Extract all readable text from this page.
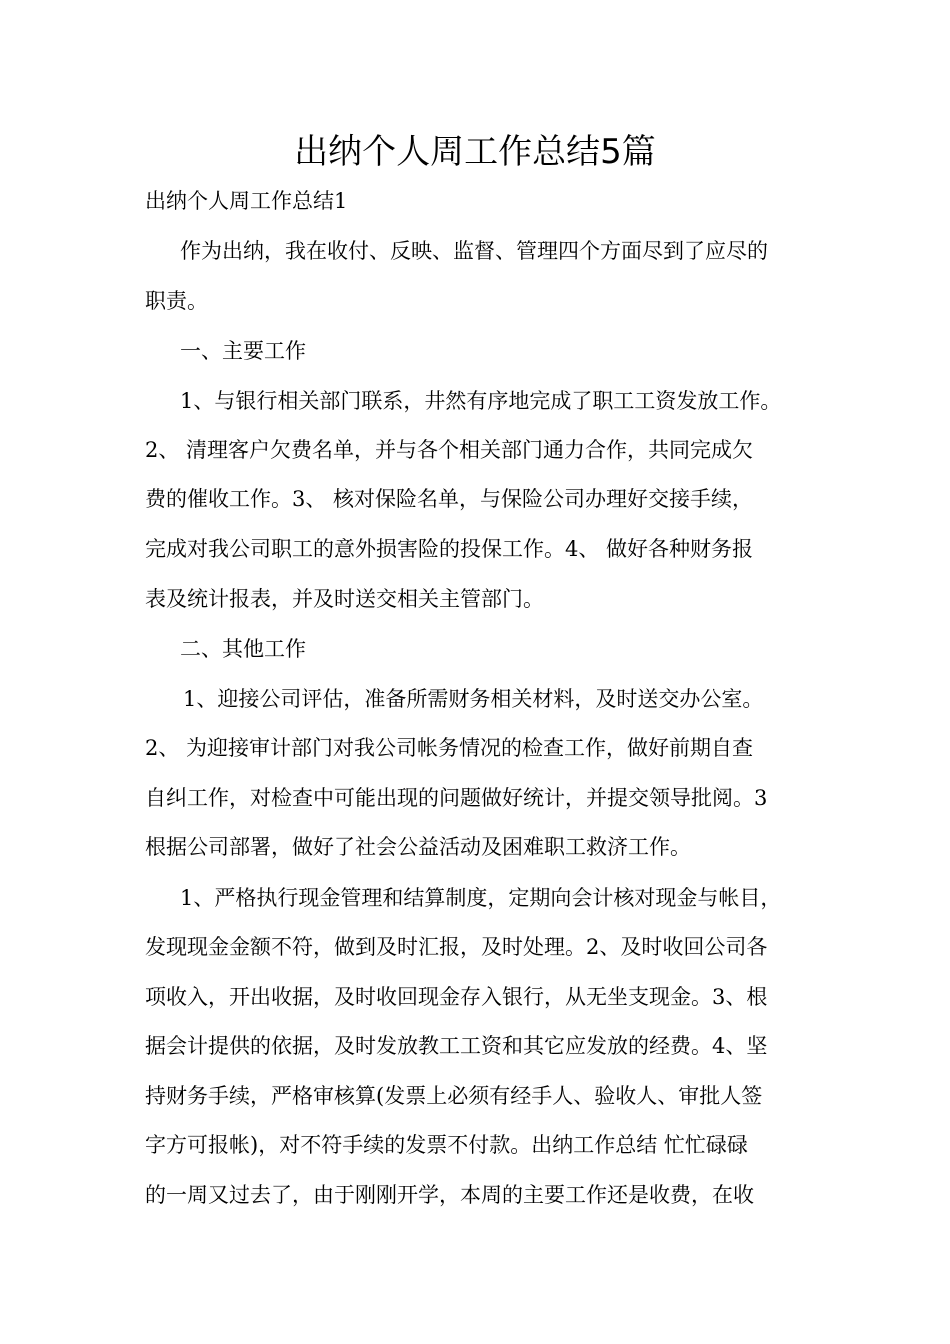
出纳个人周工作总结5篇
出纳个人周工作总结1
作为出纳，我在收付、反映、监督、管理四个方面尽到了应尽的
职责。
一、主要工作
1、与银行相关部门联系，井然有序地完成了职工工资发放工作。
2、 清理客户欠费名单，并与各个相关部门通力合作，共同完成欠
费的催收工作。3、 核对保险名单，与保险公司办理好交接手续，
完成对我公司职工的意外损害险的投保工作。4、 做好各种财务报
表及统计报表，并及时送交相关主管部门。
二、其他工作
1、迎接公司评估，准备所需财务相关材料，及时送交办公室。
2、 为迎接审计部门对我公司帐务情况的检查工作，做好前期自查
自纠工作，对检查中可能出现的问题做好统计，并提交领导批阅。3
根据公司部署，做好了社会公益活动及困难职工救济工作。
1、严格执行现金管理和结算制度，定期向会计核对现金与帐目，
发现现金金额不符，做到及时汇报，及时处理。2、及时收回公司各
项收入，开出收据，及时收回现金存入银行，从无坐支现金。3、根
据会计提供的依据，及时发放教工工资和其它应发放的经费。4、坚
持财务手续，严格审核算(发票上必须有经手人、验收人、审批人签
字方可报帐)，对不符手续的发票不付款。出纳工作总结 忙忙碌碌
的一周又过去了，由于刚刚开学，本周的主要工作还是收费，在收
